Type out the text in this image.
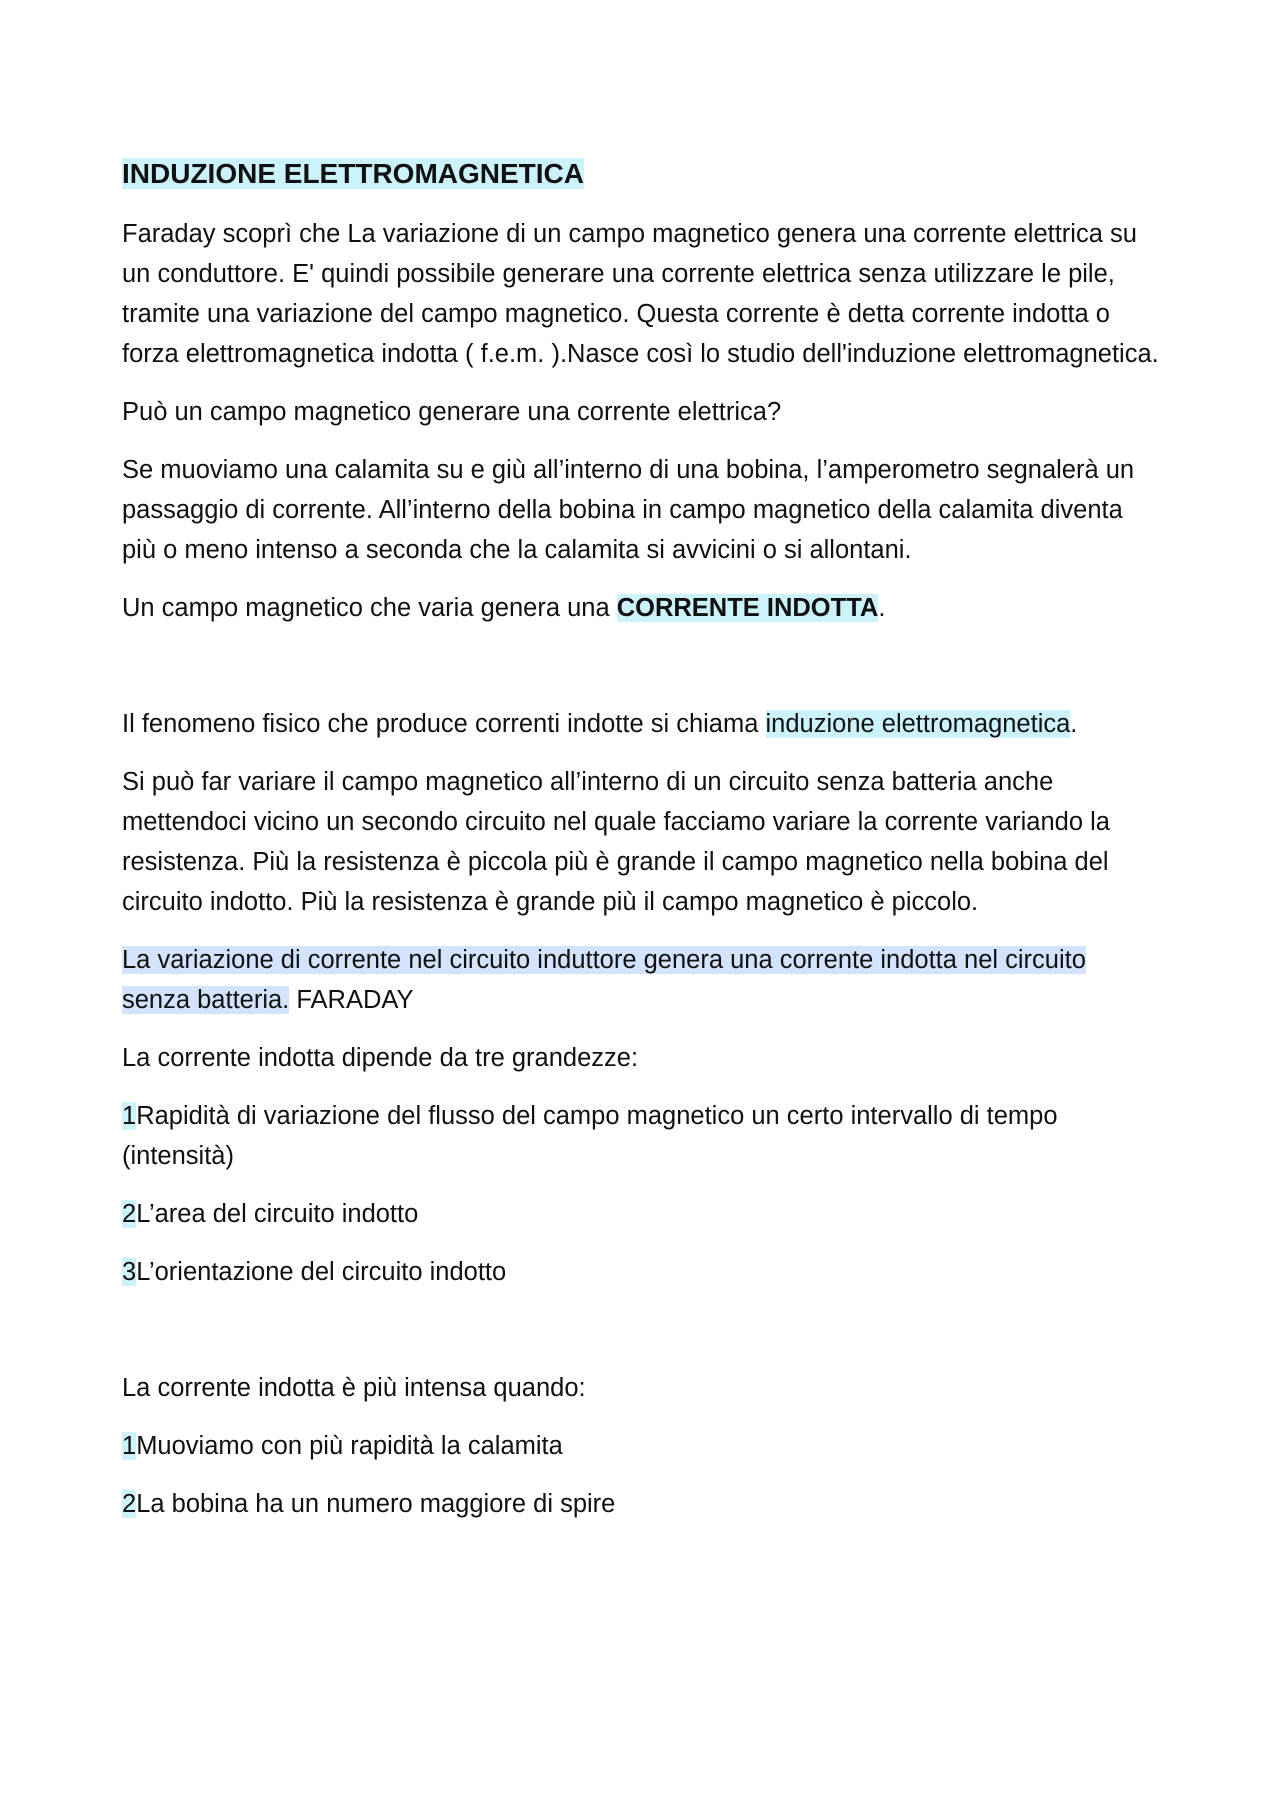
INDUZIONE ELETTROMAGNETICA

Faraday scoprì che La variazione di un campo magnetico genera una corrente elettrica su un conduttore. E' quindi possibile generare una corrente elettrica senza utilizzare le pile, tramite una variazione del campo magnetico. Questa corrente è detta corrente indotta o forza elettromagnetica indotta ( f.e.m. ).Nasce così lo studio dell'induzione elettromagnetica.

Può un campo magnetico generare una corrente elettrica?

Se muoviamo una calamita su e giù all’interno di una bobina, l’amperometro segnalerà un passaggio di corrente. All’interno della bobina in campo magnetico della calamita diventa più o meno intenso a seconda che la calamita si avvicini o si allontani.

Un campo magnetico che varia genera una CORRENTE INDOTTA.

Il fenomeno fisico che produce correnti indotte si chiama induzione elettromagnetica.

Si può far variare il campo magnetico all’interno di un circuito senza batteria anche mettendoci vicino un secondo circuito nel quale facciamo variare la corrente variando la resistenza. Più la resistenza è piccola più è grande il campo magnetico nella bobina del circuito indotto. Più la resistenza è grande più il campo magnetico è piccolo.

La variazione di corrente nel circuito induttore genera una corrente indotta nel circuito senza batteria. FARADAY

La corrente indotta dipende da tre grandezze:

1Rapidità di variazione del flusso del campo magnetico un certo intervallo di tempo (intensità)

2L’area del circuito indotto

3L’orientazione del circuito indotto

La corrente indotta è più intensa quando:

1Muoviamo con più rapidità la calamita

2La bobina ha un numero maggiore di spire
